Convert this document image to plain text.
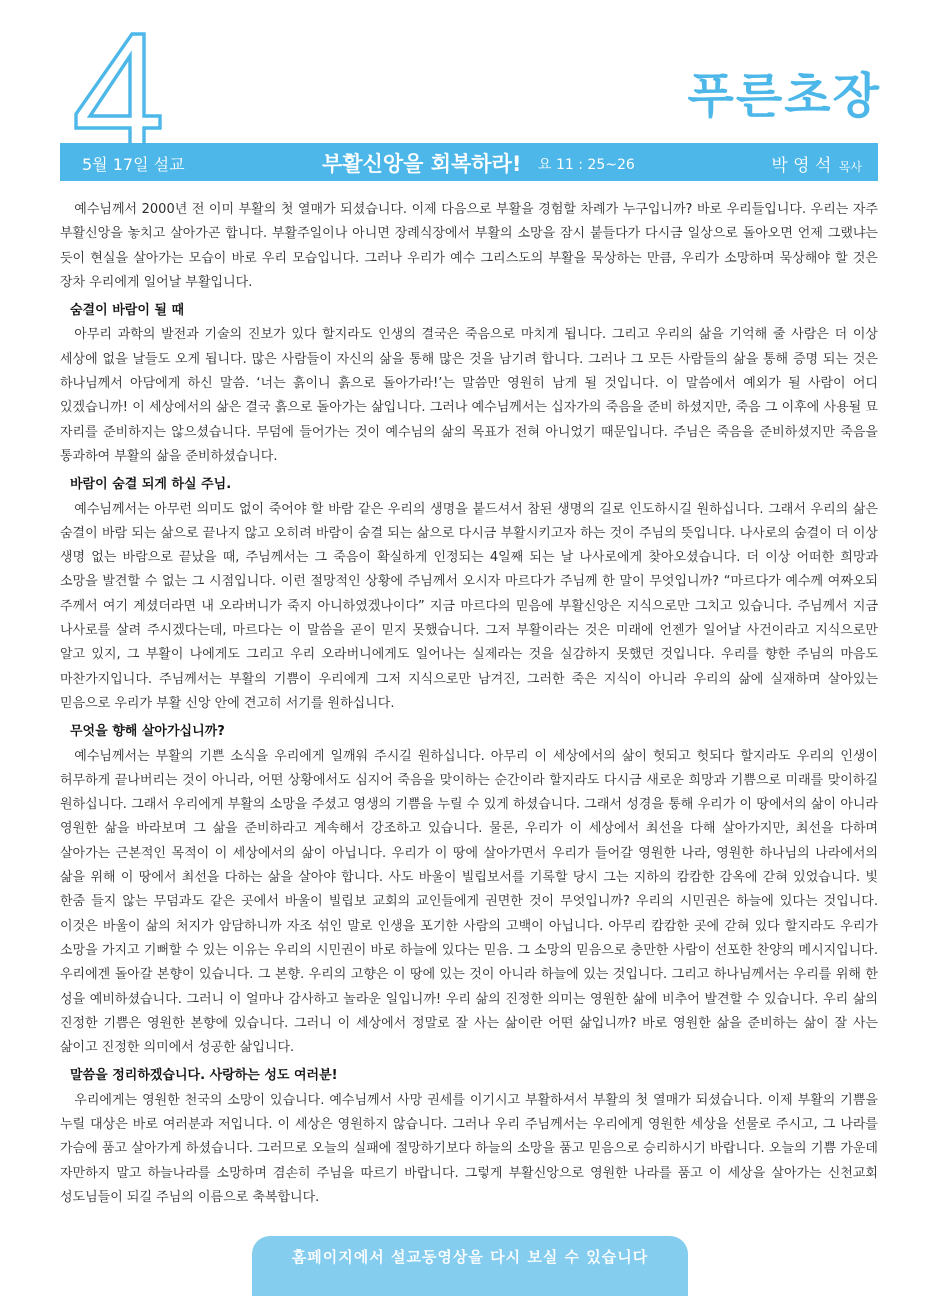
푸른초장
5월 17일 설교	부활신앙을 회복하라! 요 11 : 25~26	박 영 석 목사

예수님께서 2000년 전 이미 부활의 첫 열매가 되셨습니다. 이제 다음으로 부활을 경험할 차례가 누구입니까? 바로 우리들입니다. 우리는 자주 부활신앙을 놓치고 살아가곤 합니다. 부활주일이나 아니면 장례식장에서 부활의 소망을 잠시 붙들다가 다시금 일상으로 돌아오면 언제 그랬냐는 듯이 현실을 살아가는 모습이 바로 우리 모습입니다. 그러나 우리가 예수 그리스도의 부활을 묵상하는 만큼, 우리가 소망하며 묵상해야 할 것은 장차 우리에게 일어날 부활입니다.

숨결이 바람이 될 때

아무리 과학의 발전과 기술의 진보가 있다 할지라도 인생의 결국은 죽음으로 마치게 됩니다. 그리고 우리의 삶을 기억해 줄 사람은 더 이상 세상에 없을 날들도 오게 됩니다. 많은 사람들이 자신의 삶을 통해 많은 것을 남기려 합니다. 그러나 그 모든 사람들의 삶을 통해 증명 되는 것은 하나님께서 아담에게 하신 말씀. ‘너는 흙이니 흙으로 돌아가라!’는 말씀만 영원히 남게 될 것입니다. 이 말씀에서 예외가 될 사람이 어디 있겠습니까! 이 세상에서의 삶은 결국 흙으로 돌아가는 삶입니다. 그러나 예수님께서는 십자가의 죽음을 준비 하셨지만, 죽음 그 이후에 사용될 묘 자리를 준비하지는 않으셨습니다. 무덤에 들어가는 것이 예수님의 삶의 목표가 전혀 아니었기 때문입니다. 주님은 죽음을 준비하셨지만 죽음을 통과하여 부활의 삶을 준비하셨습니다.

바람이 숨결 되게 하실 주님.

예수님께서는 아무런 의미도 없이 죽어야 할 바람 같은 우리의 생명을 붙드셔서 참된 생명의 길로 인도하시길 원하십니다. 그래서 우리의 삶은 숨결이 바람 되는 삶으로 끝나지 않고 오히려 바람이 숨결 되는 삶으로 다시금 부활시키고자 하는 것이 주님의 뜻입니다. 나사로의 숨결이 더 이상 생명 없는 바람으로 끝났을 때, 주님께서는 그 죽음이 확실하게 인정되는 4일째 되는 날 나사로에게 찾아오셨습니다. 더 이상 어떠한 희망과 소망을 발견할 수 없는 그 시점입니다. 이런 절망적인 상황에 주님께서 오시자 마르다가 주님께 한 말이 무엇입니까? “마르다가 예수께 여짜오되 주께서 여기 계셨더라면 내 오라버니가 죽지 아니하였겠나이다” 지금 마르다의 믿음에 부활신앙은 지식으로만 그치고 있습니다. 주님께서 지금 나사로를 살려 주시겠다는데, 마르다는 이 말씀을 곧이 믿지 못했습니다. 그저 부활이라는 것은 미래에 언젠가 일어날 사건이라고 지식으로만 알고 있지, 그 부활이 나에게도 그리고 우리 오라버니에게도 일어나는 실제라는 것을 실감하지 못했던 것입니다. 우리를 향한 주님의 마음도 마찬가지입니다. 주님께서는 부활의 기쁨이 우리에게 그저 지식으로만 남겨진, 그러한 죽은 지식이 아니라 우리의 삶에 실재하며 살아있는 믿음으로 우리가 부활 신앙 안에 견고히 서기를 원하십니다.

무엇을 향해 살아가십니까?

예수님께서는 부활의 기쁜 소식을 우리에게 일깨워 주시길 원하십니다. 아무리 이 세상에서의 삶이 헛되고 헛되다 할지라도 우리의 인생이 허무하게 끝나버리는 것이 아니라, 어떤 상황에서도 심지어 죽음을 맞이하는 순간이라 할지라도 다시금 새로운 희망과 기쁨으로 미래를 맞이하길 원하십니다. 그래서 우리에게 부활의 소망을 주셨고 영생의 기쁨을 누릴 수 있게 하셨습니다. 그래서 성경을 통해 우리가 이 땅에서의 삶이 아니라 영원한 삶을 바라보며 그 삶을 준비하라고 계속해서 강조하고 있습니다. 물론, 우리가 이 세상에서 최선을 다해 살아가지만, 최선을 다하며 살아가는 근본적인 목적이 이 세상에서의 삶이 아닙니다. 우리가 이 땅에 살아가면서 우리가 들어갈 영원한 나라, 영원한 하나님의 나라에서의 삶을 위해 이 땅에서 최선을 다하는 삶을 살아야 합니다. 사도 바울이 빌립보서를 기록할 당시 그는 지하의 캄캄한 감옥에 갇혀 있었습니다. 빛 한줌 들지 않는 무덤과도 같은 곳에서 바울이 빌립보 교회의 교인들에게 권면한 것이 무엇입니까? 우리의 시민권은 하늘에 있다는 것입니다. 이것은 바울이 삶의 처지가 암담하니까 자조 섞인 말로 인생을 포기한 사람의 고백이 아닙니다. 아무리 캄캄한 곳에 갇혀 있다 할지라도 우리가 소망을 가지고 기뻐할 수 있는 이유는 우리의 시민권이 바로 하늘에 있다는 믿음. 그 소망의 믿음으로 충만한 사람이 선포한 찬양의 메시지입니다. 우리에겐 돌아갈 본향이 있습니다. 그 본향. 우리의 고향은 이 땅에 있는 것이 아니라 하늘에 있는 것입니다. 그리고 하나님께서는 우리를 위해 한 성을 예비하셨습니다. 그러니 이 얼마나 감사하고 놀라운 일입니까! 우리 삶의 진정한 의미는 영원한 삶에 비추어 발견할 수 있습니다. 우리 삶의 진정한 기쁨은 영원한 본향에 있습니다. 그러니 이 세상에서 정말로 잘 사는 삶이란 어떤 삶입니까? 바로 영원한 삶을 준비하는 삶이 잘 사는 삶이고 진정한 의미에서 성공한 삶입니다.

말씀을 정리하겠습니다. 사랑하는 성도 여러분!

우리에게는 영원한 천국의 소망이 있습니다. 예수님께서 사망 권세를 이기시고 부활하셔서 부활의 첫 열매가 되셨습니다. 이제 부활의 기쁨을 누릴 대상은 바로 여러분과 저입니다. 이 세상은 영원하지 않습니다. 그러나 우리 주님께서는 우리에게 영원한 세상을 선물로 주시고, 그 나라를 가슴에 품고 살아가게 하셨습니다. 그러므로 오늘의 실패에 절망하기보다 하늘의 소망을 품고 믿음으로 승리하시기 바랍니다. 오늘의 기쁨 가운데 자만하지 말고 하늘나라를 소망하며 겸손히 주님을 따르기 바랍니다. 그렇게 부활신앙으로 영원한 나라를 품고 이 세상을 살아가는 신천교회 성도님들이 되길 주님의 이름으로 축복합니다.

홈페이지에서 설교동영상을 다시 보실 수 있습니다
